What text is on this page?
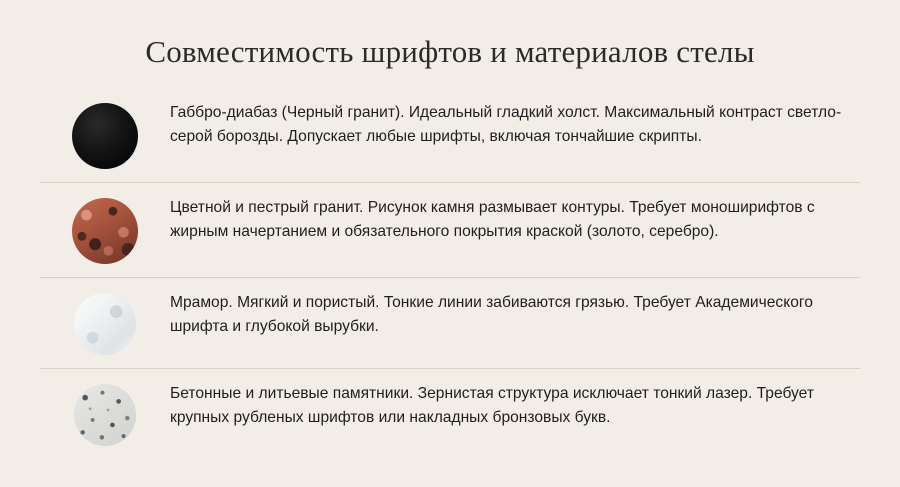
Совместимость шрифтов и материалов стелы

Габбро-диабаз (Черный гранит). Идеальный гладкий холст. Максимальный контраст светло-серой борозды. Допускает любые шрифты, включая тончайшие скрипты.

Цветной и пестрый гранит. Рисунок камня размывает контуры. Требует моноширифтов с жирным начертанием и обязательного покрытия краской (золото, серебро).

Мрамор. Мягкий и пористый. Тонкие линии забиваются грязью. Требует Академического шрифта и глубокой вырубки.

Бетонные и литьевые памятники. Зернистая структура исключает тонкий лазер. Требует крупных рубленых шрифтов или накладных бронзовых букв.
